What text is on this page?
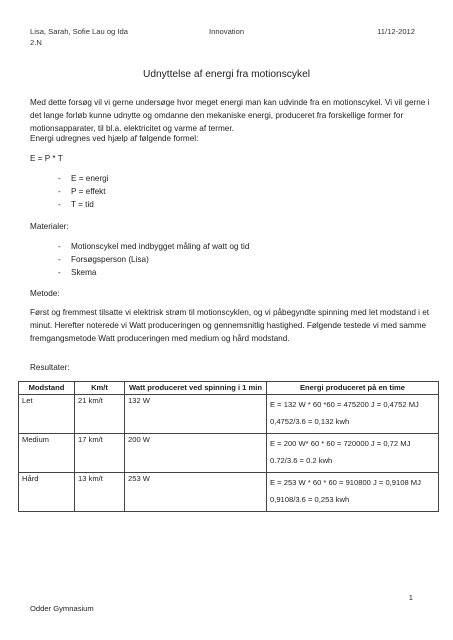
Lisa, Sarah, Sofie Lau og Ida	Innovation	11/12-2012
2.N
Udnyttelse af energi fra motionscykel

Med dette forsøg vil vi gerne undersøge hvor meget energi man kan udvinde fra en motionscykel. Vi vil gerne i det lange forløb kunne udnytte og omdanne den mekaniske energi, produceret fra forskellige former for motionsapparater, til bl.a. elektricitet og varme af termer.

Energi udregnes ved hjælp af følgende formel:
E = P * T
- E = energi
- P = effekt
- T = tid
Materialer:
- Motionscykel med indbygget måling af watt og tid
- Forsøgsperson (Lisa)
- Skema
Metode:

Først og fremmest tilsatte vi elektrisk strøm til motionscyklen, og vi påbegyndte spinning med let modstand i et minut. Herefter noterede vi Watt produceringen og gennemsnitlig hastighed. Følgende testede vi med samme fremgangsmetode Watt produceringen med medium og hård modstand.

Resultater:
Modstand	Km/t	Watt produceret ved spinning i 1 min	Energi produceret på en time
Let	21 km/t	132 W	E = 132 W * 60 *60 = 475200 J = 0,4752 MJ
0,4752/3.6 = 0,132 kwh

Medium	17 km/t	200 W	E = 200 W* 60 * 60 = 720000 J = 0,72 MJ
0.72/3.6 = 0.2 kwh

Hård	13 km/t	253 W	E = 253 W * 60 * 60 = 910800 J = 0,9108 MJ
0,9108/3.6 = 0,253 kwh
1
Odder Gymnasium
